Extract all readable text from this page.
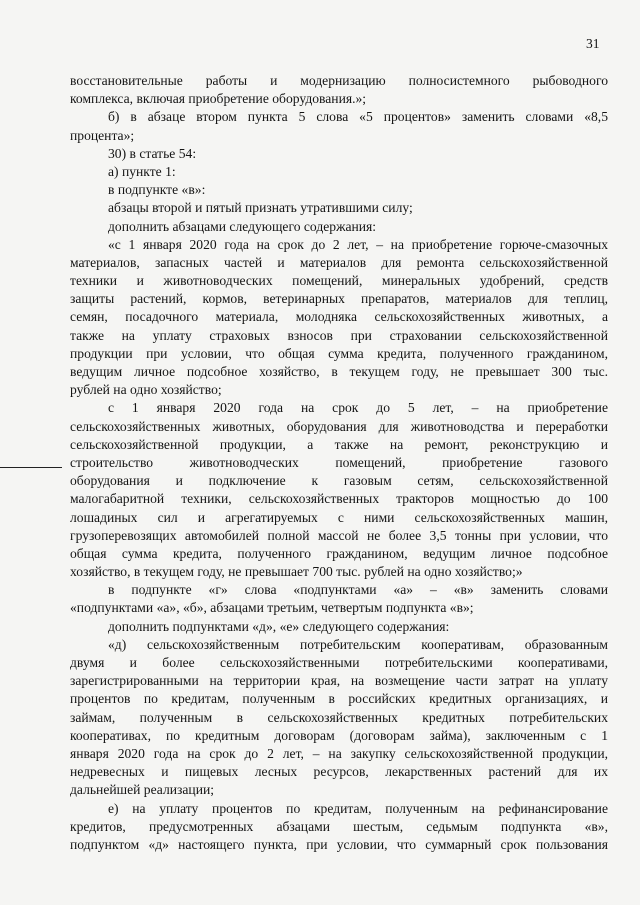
31
восстановительные работы и модернизацию полносистемного рыбоводного
комплекса, включая приобретение оборудования.»;
б) в абзаце втором пункта 5 слова «5 процентов» заменить словами «8,5
процента»;
30) в статье 54:
а) пункте 1:
в подпункте «в»:
абзацы второй и пятый признать утратившими силу;
дополнить абзацами следующего содержания:
«с 1 января 2020 года на срок до 2 лет, – на приобретение горюче-смазочных
материалов, запасных частей и материалов для ремонта сельскохозяйственной
техники и животноводческих помещений, минеральных удобрений, средств
защиты растений, кормов, ветеринарных препаратов, материалов для теплиц,
семян, посадочного материала, молодняка сельскохозяйственных животных, а
также на уплату страховых взносов при страховании сельскохозяйственной
продукции при условии, что общая сумма кредита, полученного гражданином,
ведущим личное подсобное хозяйство, в текущем году, не превышает 300 тыс.
рублей на одно хозяйство;
с 1 января 2020 года на срок до 5 лет, – на приобретение
сельскохозяйственных животных, оборудования для животноводства и переработки
сельскохозяйственной продукции, а также на ремонт, реконструкцию и
строительство животноводческих помещений, приобретение газового
оборудования и подключение к газовым сетям, сельскохозяйственной
малогабаритной техники, сельскохозяйственных тракторов мощностью до 100
лошадиных сил и агрегатируемых с ними сельскохозяйственных машин,
грузоперевозящих автомобилей полной массой не более 3,5 тонны при условии, что
общая сумма кредита, полученного гражданином, ведущим личное подсобное
хозяйство, в текущем году, не превышает 700 тыс. рублей на одно хозяйство;»
в подпункте «г» слова «подпунктами «а» – «в» заменить словами
«подпунктами «а», «б», абзацами третьим, четвертым подпункта «в»;
дополнить подпунктами «д», «е» следующего содержания:
«д) сельскохозяйственным потребительским кооперативам, образованным
двумя и более сельскохозяйственными потребительскими кооперативами,
зарегистрированными на территории края, на возмещение части затрат на уплату
процентов по кредитам, полученным в российских кредитных организациях, и
займам, полученным в сельскохозяйственных кредитных потребительских
кооперативах, по кредитным договорам (договорам займа), заключенным с 1
января 2020 года на срок до 2 лет, – на закупку сельскохозяйственной продукции,
недревесных и пищевых лесных ресурсов, лекарственных растений для их
дальнейшей реализации;
е) на уплату процентов по кредитам, полученным на рефинансирование
кредитов, предусмотренных абзацами шестым, седьмым подпункта «в»,
подпунктом «д» настоящего пункта, при условии, что суммарный срок пользования
